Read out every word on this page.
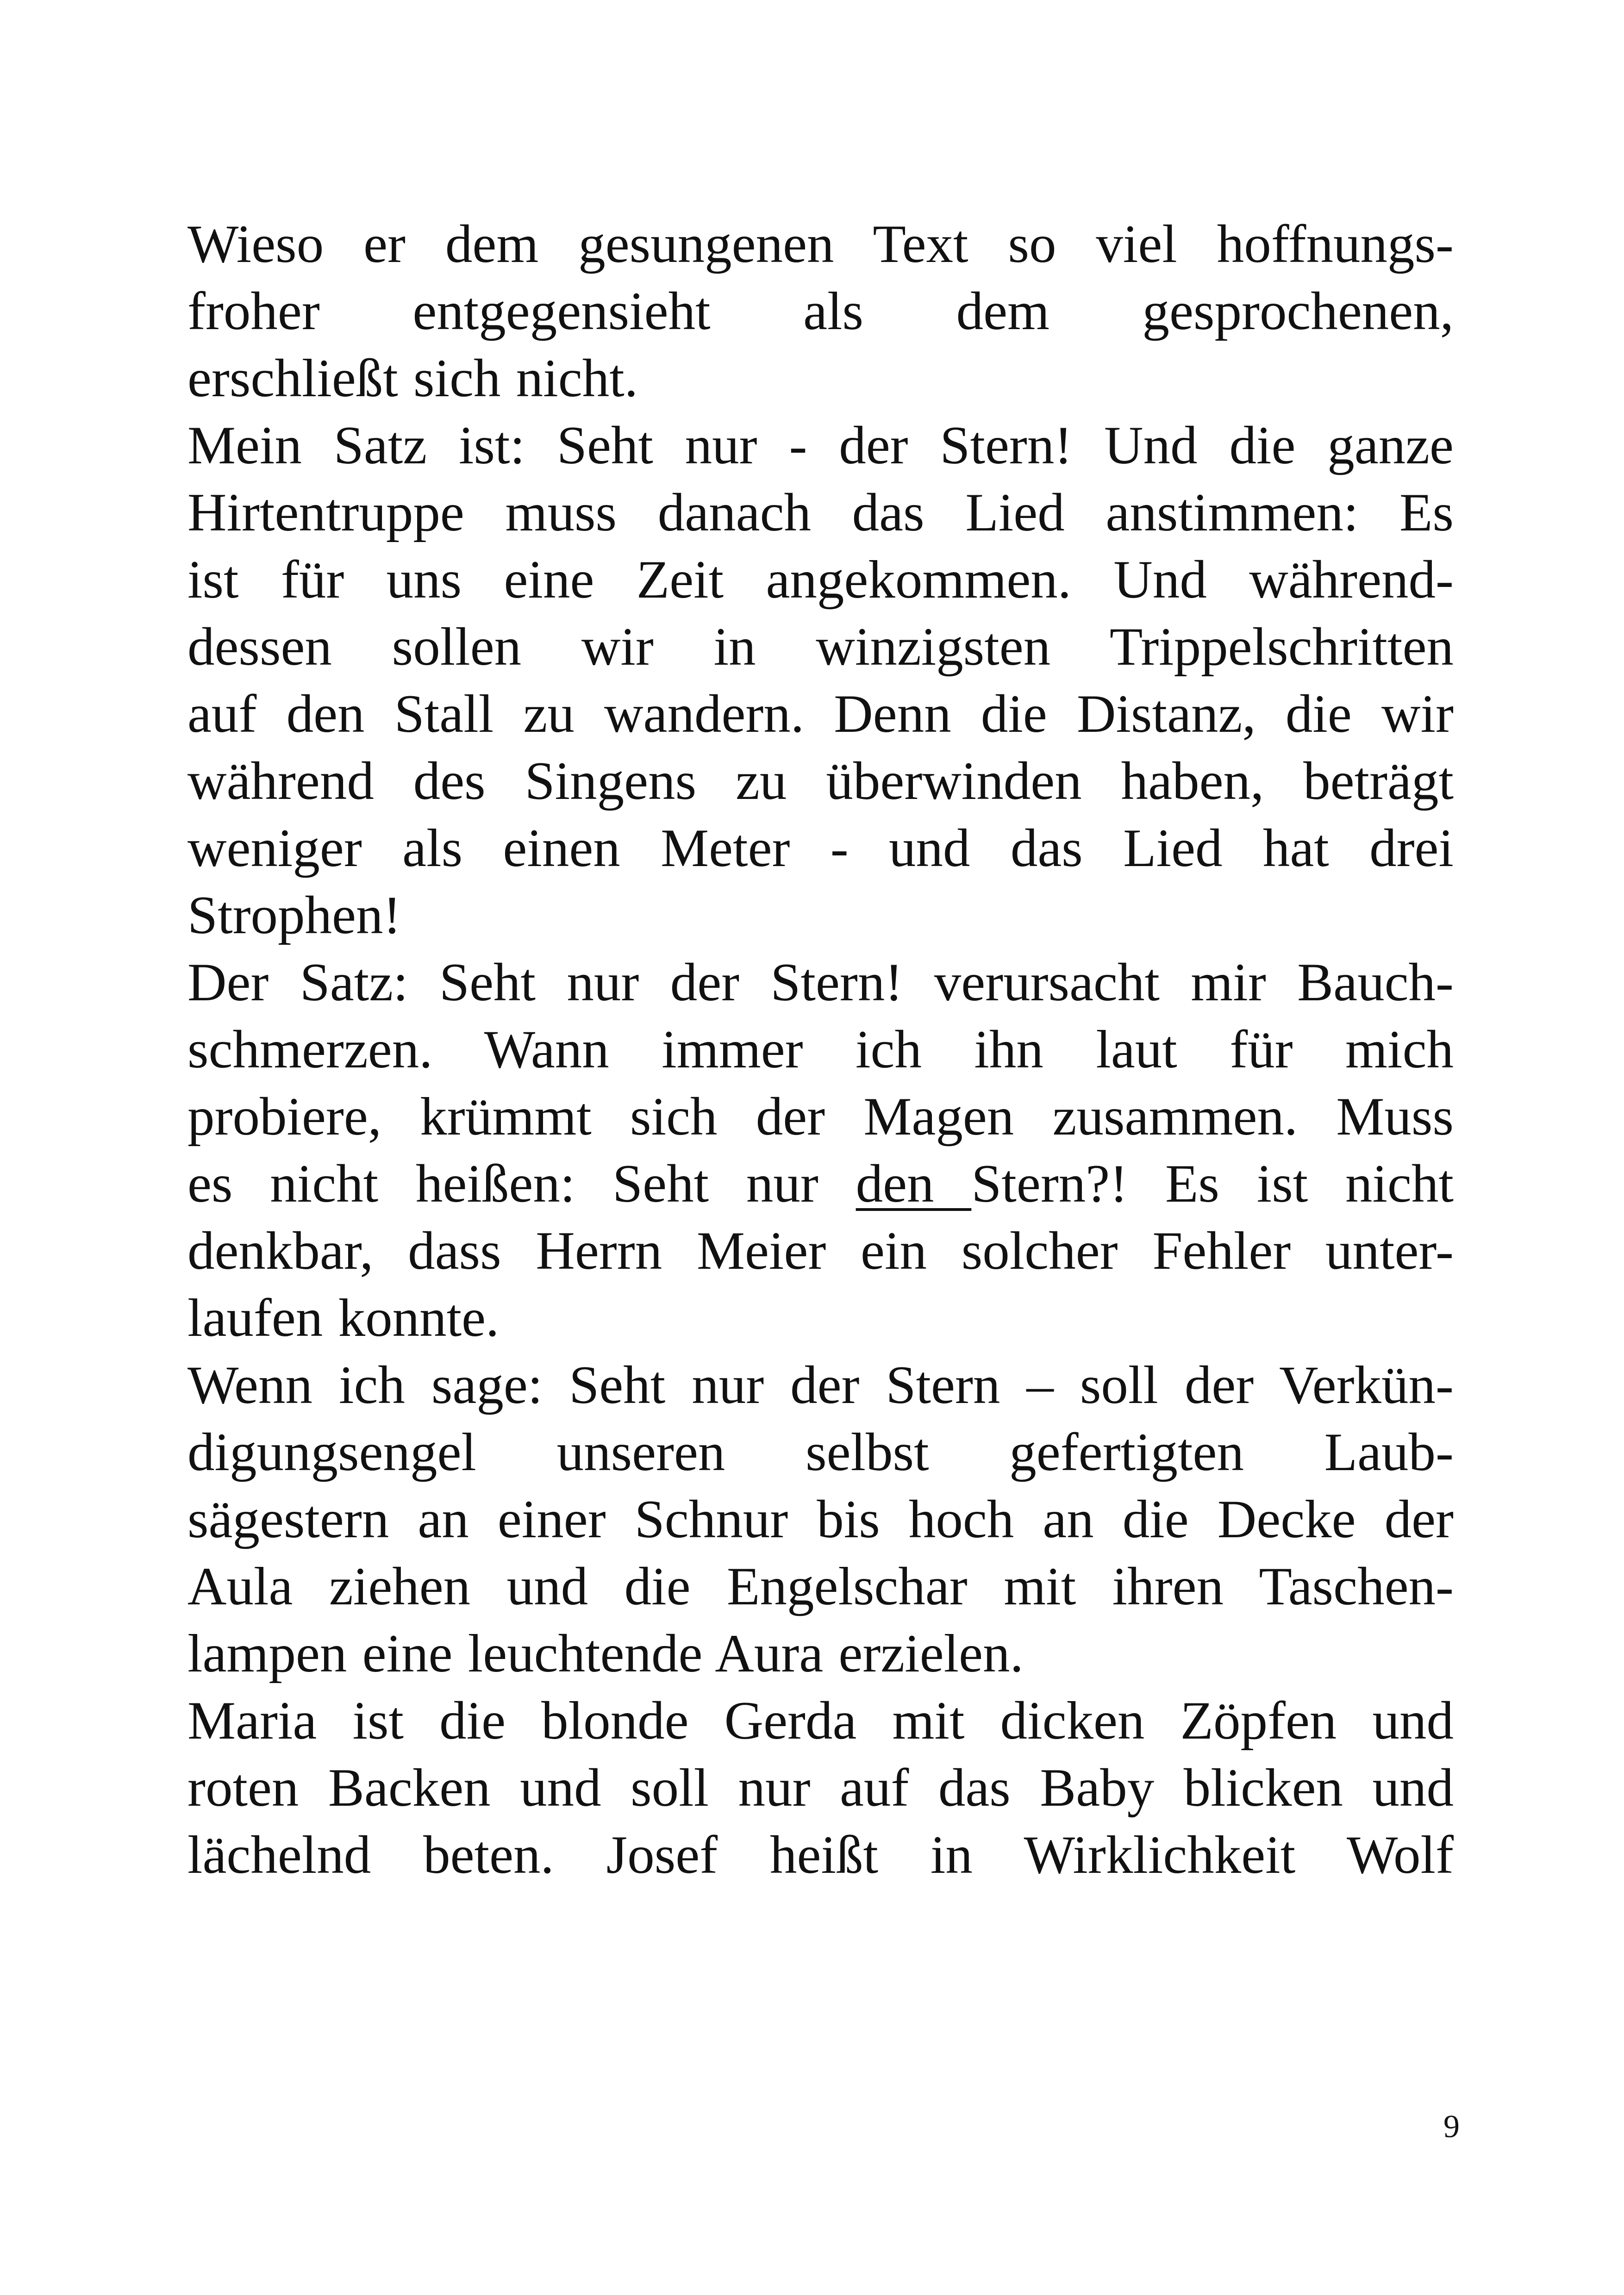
Wieso er dem gesungenen Text so viel hoffnungs-
froher entgegensieht als dem gesprochenen,
erschließt sich nicht.

Mein Satz ist: Seht nur - der Stern! Und die ganze
Hirtentruppe muss danach das Lied anstimmen: Es
ist für uns eine Zeit angekommen. Und während-
dessen sollen wir in winzigsten Trippelschritten
auf den Stall zu wandern. Denn die Distanz, die wir
während des Singens zu überwinden haben, beträgt
weniger als einen Meter - und das Lied hat drei
Strophen!

Der Satz: Seht nur der Stern! verursacht mir Bauch-
schmerzen. Wann immer ich ihn laut für mich
probiere, krümmt sich der Magen zusammen. Muss
es nicht heißen: Seht nur den Stern?! Es ist nicht
denkbar, dass Herrn Meier ein solcher Fehler unter-
laufen konnte.

Wenn ich sage: Seht nur der Stern – soll der Verkün-
digungsengel unseren selbst gefertigten Laub-
sägestern an einer Schnur bis hoch an die Decke der
Aula ziehen und die Engelschar mit ihren Taschen-
lampen eine leuchtende Aura erzielen.

Maria ist die blonde Gerda mit dicken Zöpfen und
roten Backen und soll nur auf das Baby blicken und
lächelnd beten. Josef heißt in Wirklichkeit Wolf

9
